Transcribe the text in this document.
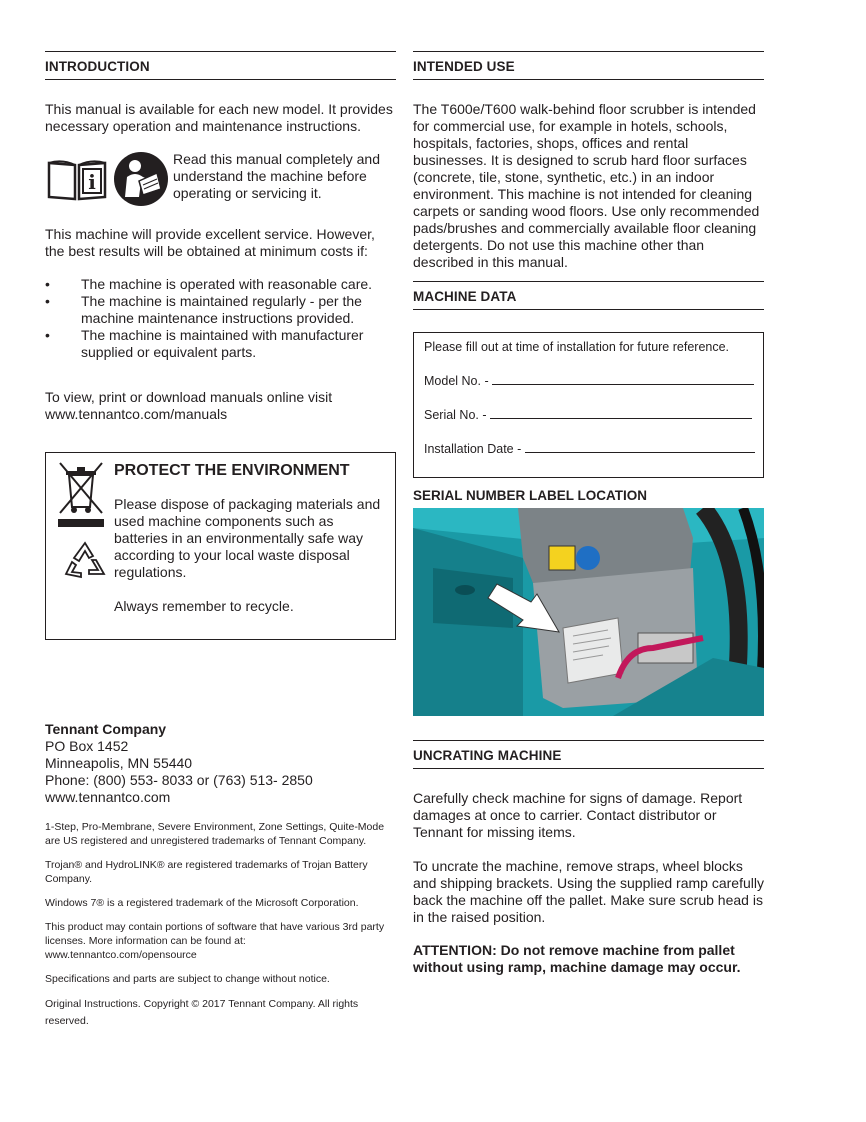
INTRODUCTION

This manual is available for each new model. It provides necessary operation and maintenance instructions.

i

Read this manual completely and understand the machine before operating or servicing it.

This machine will provide excellent service. However, the best results will be obtained at minimum costs if:

• The machine is operated with reasonable care.
• The machine is maintained regularly - per the machine maintenance instructions provided.
• The machine is maintained with manufacturer supplied or equivalent parts.

To view, print or download manuals online visit www.tennantco.com/manuals

PROTECT THE ENVIRONMENT

Please dispose of packaging materials and used machine components such as batteries in an environmentally safe way according to your local waste disposal regulations.

Always remember to recycle.

Tennant Company

PO Box 1452

Minneapolis, MN 55440

Phone: (800) 553- 8033 or (763) 513- 2850

www.tennantco.com

1-Step, Pro-Membrane, Severe Environment, Zone Settings, Quite-Mode are US registered and unregistered trademarks of Tennant Company.

Trojan® and HydroLINK® are registered trademarks of Trojan Battery Company.

Windows 7® is a registered trademark of the Microsoft Corporation.

This product may contain portions of software that have various 3rd party licenses. More information can be found at: www.tennantco.com/opensource

Specifications and parts are subject to change without notice.

Original Instructions. Copyright © 2017 Tennant Company. All rights reserved.

INTENDED USE

The T600e/T600 walk-behind floor scrubber is intended for commercial use, for example in hotels, schools, hospitals, factories, shops, offices and rental businesses. It is designed to scrub hard floor surfaces (concrete, tile, stone, synthetic, etc.) in an indoor environment. This machine is not intended for cleaning carpets or sanding wood floors. Use only recommended pads/brushes and commercially available floor cleaning detergents. Do not use this machine other than described in this manual.

MACHINE DATA
Please fill out at time of installation for future reference.
Model No. -
Serial No. -
Installation Date -
SERIAL NUMBER LABEL LOCATION
UNCRATING MACHINE

Carefully check machine for signs of damage. Report damages at once to carrier. Contact distributor or Tennant for missing items.

To uncrate the machine, remove straps, wheel blocks and shipping brackets. Using the supplied ramp carefully back the machine off the pallet. Make sure scrub head is in the raised position.

ATTENTION: Do not remove machine from pallet without using ramp, machine damage may occur.
